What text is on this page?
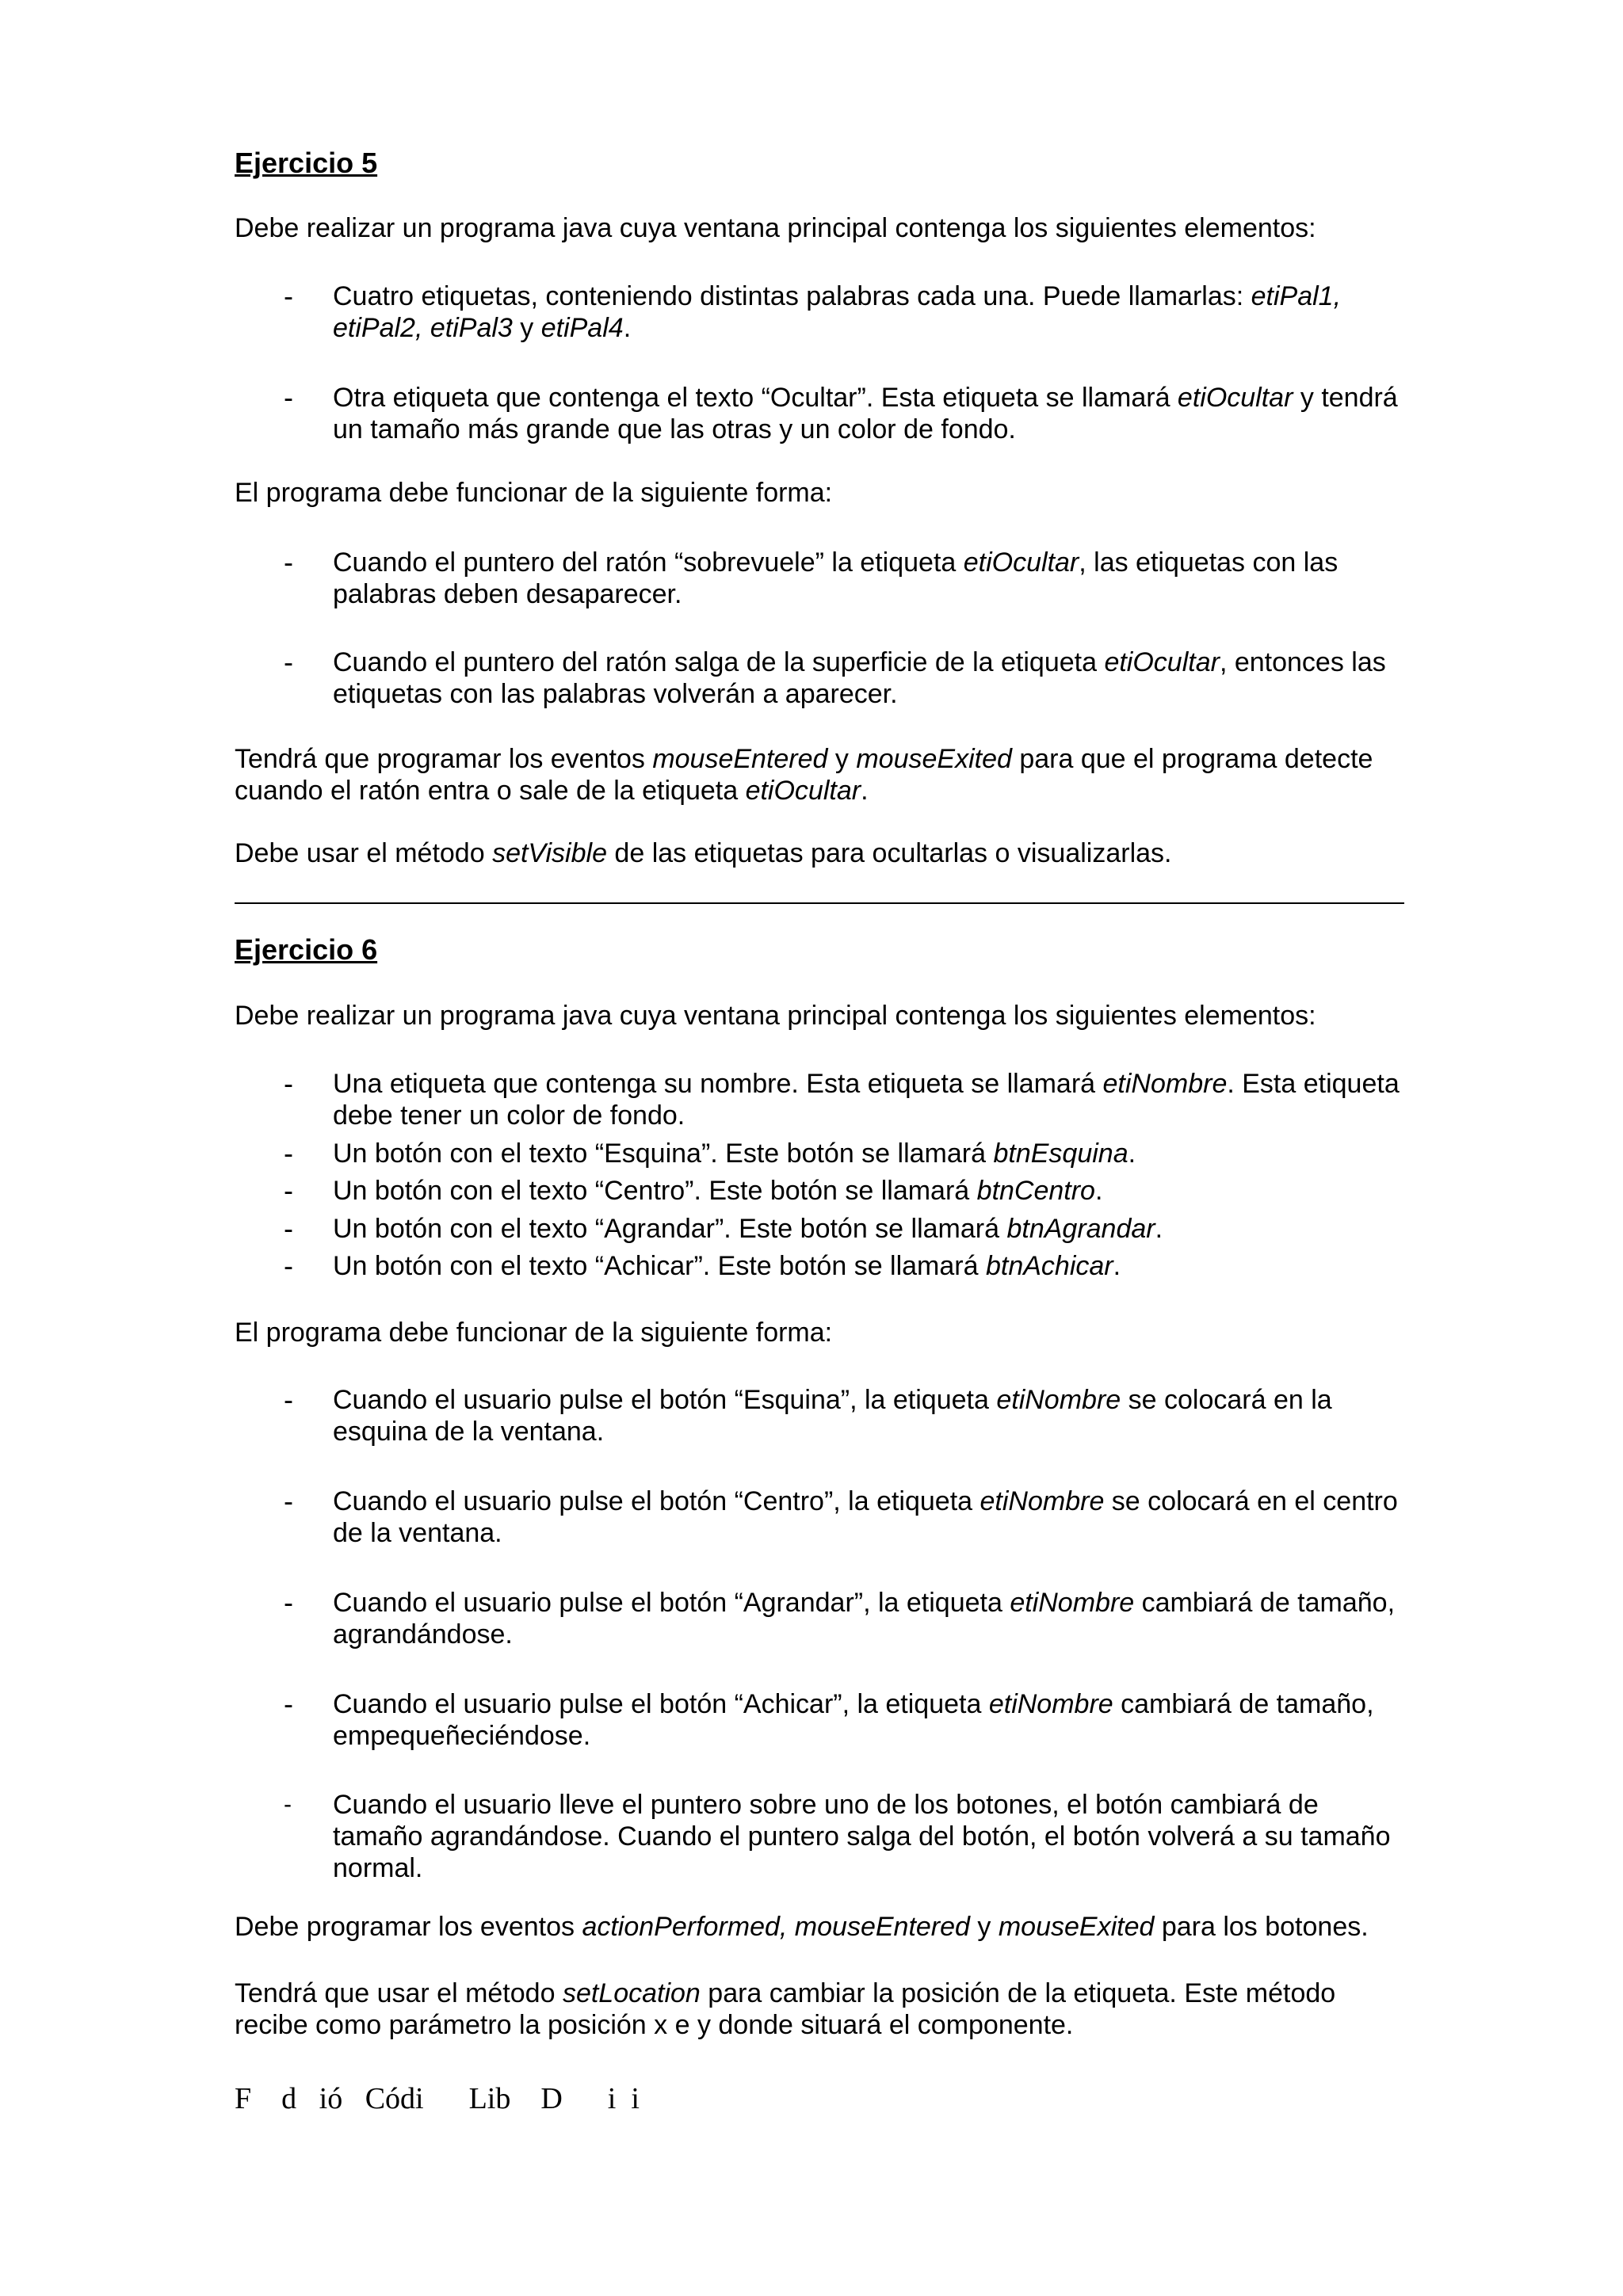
Ejercicio 5

Debe realizar un programa java cuya ventana principal contenga los siguientes elementos:

- Cuatro etiquetas, conteniendo distintas palabras cada una. Puede llamarlas: etiPal1, etiPal2, etiPal3 y etiPal4.
- Otra etiqueta que contenga el texto “Ocultar”. Esta etiqueta se llamará etiOcultar y tendrá un tamaño más grande que las otras y un color de fondo.

El programa debe funcionar de la siguiente forma:

- Cuando el puntero del ratón “sobrevuele” la etiqueta etiOcultar, las etiquetas con las palabras deben desaparecer.
- Cuando el puntero del ratón salga de la superficie de la etiqueta etiOcultar, entonces las etiquetas con las palabras volverán a aparecer.

Tendrá que programar los eventos mouseEntered y mouseExited para que el programa detecte cuando el ratón entra o sale de la etiqueta etiOcultar.

Debe usar el método setVisible de las etiquetas para ocultarlas o visualizarlas.

Ejercicio 6

Debe realizar un programa java cuya ventana principal contenga los siguientes elementos:

- Una etiqueta que contenga su nombre. Esta etiqueta se llamará etiNombre. Esta etiqueta debe tener un color de fondo.
- Un botón con el texto “Esquina”. Este botón se llamará btnEsquina.
- Un botón con el texto “Centro”. Este botón se llamará btnCentro.
- Un botón con el texto “Agrandar”. Este botón se llamará btnAgrandar.
- Un botón con el texto “Achicar”. Este botón se llamará btnAchicar.

El programa debe funcionar de la siguiente forma:

- Cuando el usuario pulse el botón “Esquina”, la etiqueta etiNombre se colocará en la esquina de la ventana.
- Cuando el usuario pulse el botón “Centro”, la etiqueta etiNombre se colocará en el centro de la ventana.
- Cuando el usuario pulse el botón “Agrandar”, la etiqueta etiNombre cambiará de tamaño, agrandándose.
- Cuando el usuario pulse el botón “Achicar”, la etiqueta etiNombre cambiará de tamaño, empequeñeciéndose.
- Cuando el usuario lleve el puntero sobre uno de los botones, el botón cambiará de tamaño agrandándose. Cuando el puntero salga del botón, el botón volverá a su tamaño normal.

Debe programar los eventos actionPerformed, mouseEntered y mouseExited para los botones.

Tendrá que usar el método setLocation para cambiar la posición de la etiqueta. Este método recibe como parámetro la posición x e y donde situará el componente.

F    d   ió   Códi      Lib    D      i  i
